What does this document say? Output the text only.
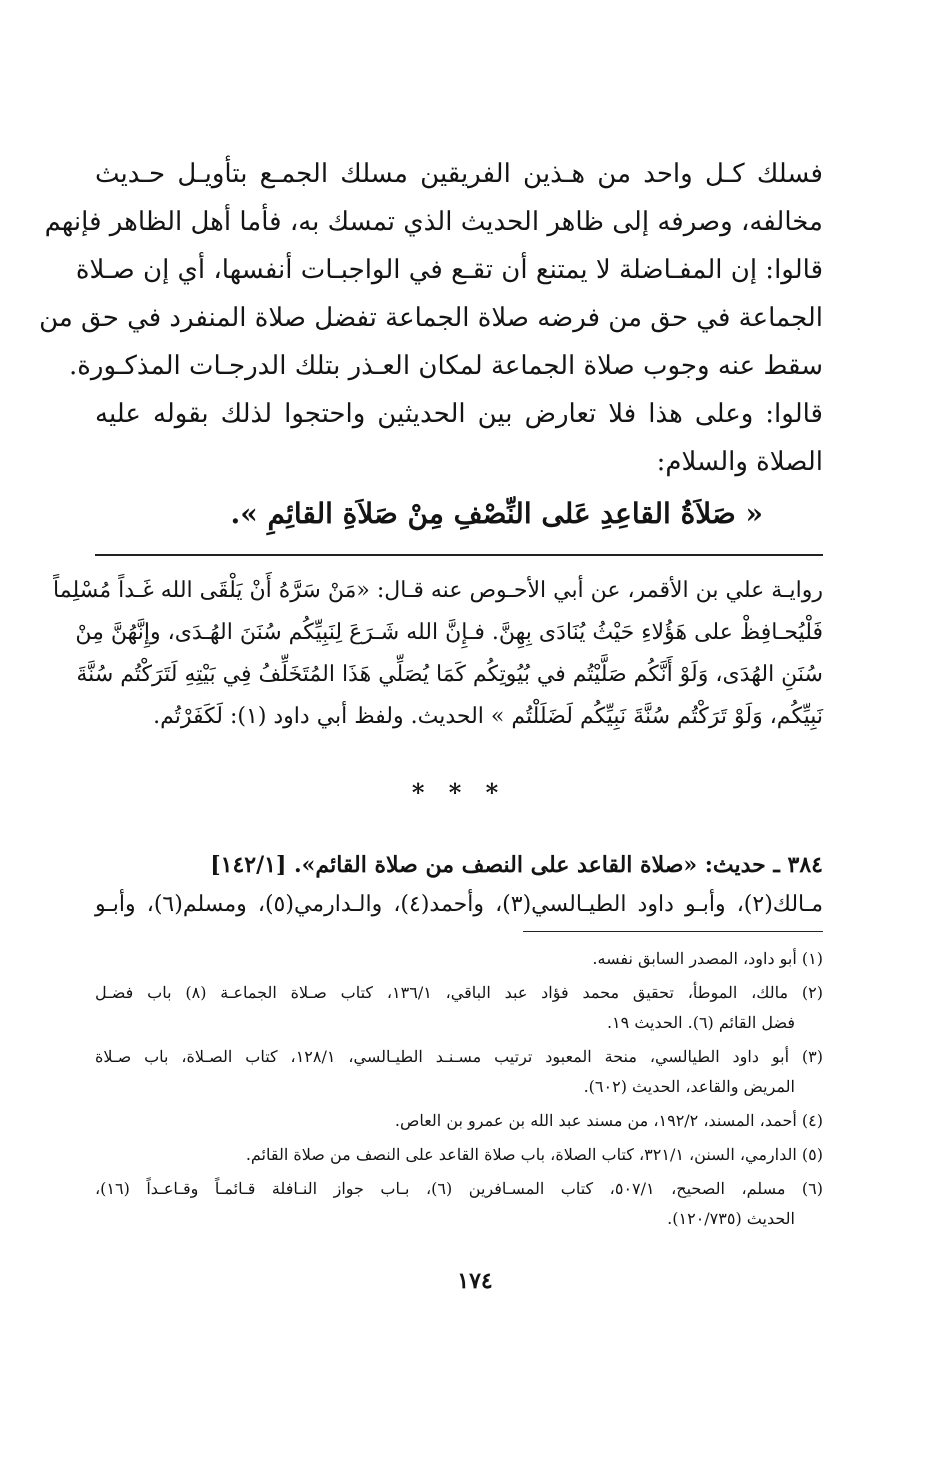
فسلك كـل واحد من هـذين الفريقين مسلك الجمـع بتأويـل حـديث
مخالفه، وصرفه إلى ظاهر الحديث الذي تمسك به، فأما أهل الظاهر فإنهم
قالوا: إن المفـاضلة لا يمتنع أن تقـع في الواجبـات أنفسها، أي إن صـلاة
الجماعة في حق من فرضه صلاة الجماعة تفضل صلاة المنفرد في حق من
سقط عنه وجوب صلاة الجماعة لمكان العـذر بتلك الدرجـات المذكـورة.
قالوا: وعلى هذا فلا تعارض بين الحديثين واحتجوا لذلك بقوله عليه
الصلاة والسلام:
« صَلاَةُ القاعِدِ عَلى النِّصْفِ مِنْ صَلاَةِ القائِمِ ».
روايـة علي بن الأقمر، عن أبي الأحـوص عنه قـال: «مَنْ سَرَّهُ أَنْ يَلْقَى الله غَـداً مُسْلِماً
فَلْيُحـافِظْ على هَؤُلاءِ حَيْثُ يُنَادَى بِهِنَّ. فـإِنَّ الله شَـرَعَ لِنَبِيِّكُم سُنَنَ الهُـدَى، وإِنَّهُنَّ مِنْ
سُنَنِ الهُدَى، وَلَوْ أَنَّكُم صَلَّيْتُم في بُيُوتِكُم كَمَا يُصَلِّي هَذَا المُتَخَلِّفُ فِي بَيْتِهِ لَتَرَكْتُم سُنَّةَ
نَبِيِّكُم، وَلَوْ تَرَكْتُم سُنَّةَ نَبِيِّكُم لَضَلَلْتُم » الحديث. ولفظ أبي داود (١): لَكَفَرْتُم.
* * *
٣٨٤ ـ حديث: «صلاة القاعد على النصف من صلاة القائم». [١٤٢/١]
مـالك(٢)، وأبـو داود الطيـالسي(٣)، وأحمد(٤)، والـدارمي(٥)، ومسلم(٦)، وأبـو
(١) أبو داود، المصدر السابق نفسه.
(٢) مالك، الموطأ، تحقيق محمد فؤاد عبد الباقي، ١٣٦/١، كتاب صـلاة الجماعـة (٨) باب فضـل
فضل القائم (٦). الحديث ١٩.
(٣) أبو داود الطيالسي، منحة المعبود ترتيب مسـنـد الطيـالسي، ١٢٨/١، كتاب الصـلاة، باب صـلاة
المريض والقاعد، الحديث (٦٠٢).
(٤) أحمد، المسند، ١٩٢/٢، من مسند عبد الله بن عمرو بن العاص.
(٥) الدارمي، السنن، ٣٢١/١، كتاب الصلاة، باب صلاة القاعد على النصف من صلاة القائم.
(٦) مسلم، الصحيح، ٥٠٧/١، كتاب المسـافرين (٦)، بـاب جواز النـافلة قـائمـاً وقـاعـداً (١٦)،
الحديث (١٢٠/٧٣٥).
١٧٤
